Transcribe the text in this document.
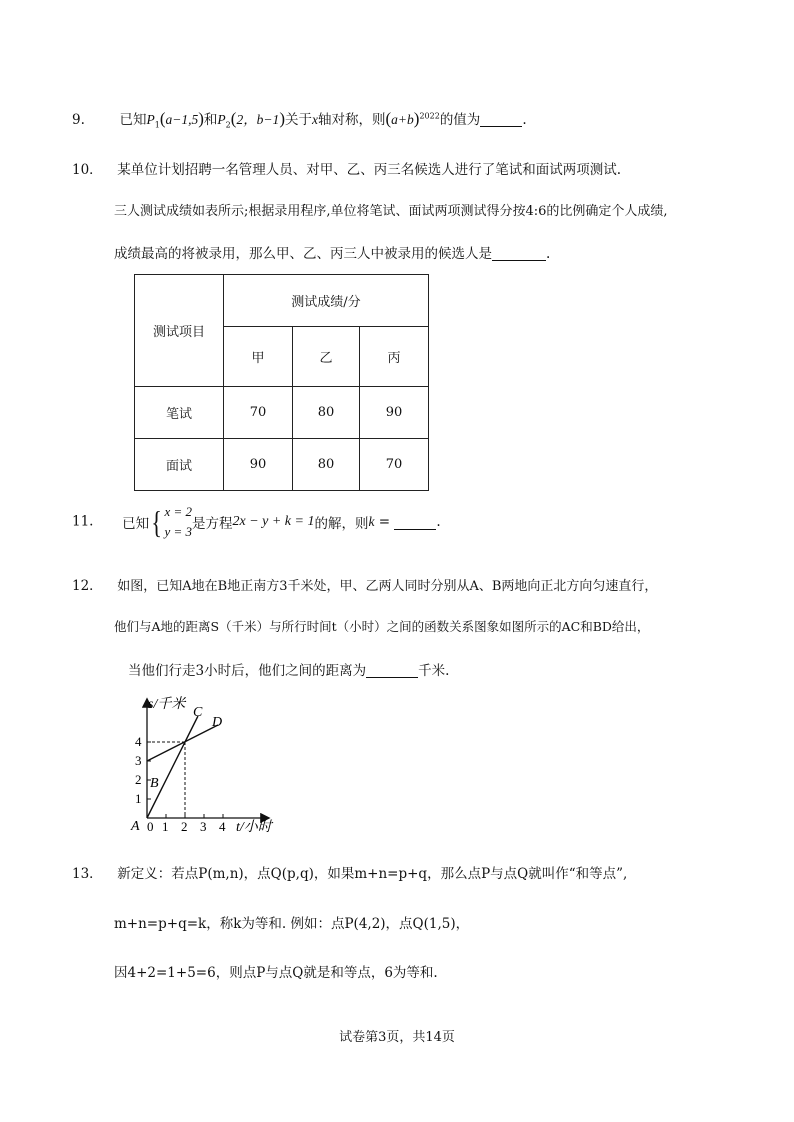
9.	已知$P_1(a-1,5)$和$P_2(2$，b−1)关于x轴对称，则$(a+b)^{2022}$的值为	.
10． 某单位计划招聘一名管理人员、对甲、乙、丙三名候选人进行了笔试和面试两项测试.
三人测试成绩如表所示;根据录用程序,单位将笔试、面试两项测试得分按4:6的比例确定个人成绩,
成绩最高的将被录用，那么甲、乙、丙三人中被录用的候选人是	.
测试项目	测试成绩/分		
	甲	乙	丙
笔试	70	80	90
面试	90	80	70
11. 已知{ x = 2
y = 3是方程2x − y + k = 1的解，则k =	.
12． 如图，已知A地在B地正南方3千米处，甲、乙两人同时分别从A、B两地向正北方向匀速直行，
他们与A地的距离S（千米）与所行时间t（小时）之间的函数关系图象如图所示的AC和BD给出，
当他们行走3小时后，他们之间的距离为	千米.
s/千米
1
2
3
4
A 0 1 2 3 4 t/小时
B
C
D
13． 新定义：若点P(m,n)，点Q(p,q)，如果m+n=p+q，那么点P与点Q就叫作“和等点”,
m+n=p+q=k，称k为等和. 例如：点P(4,2)，点Q(1,5)，
因4+2=1+5=6，则点P与点Q就是和等点，6为等和.
试卷第3页，共14页
